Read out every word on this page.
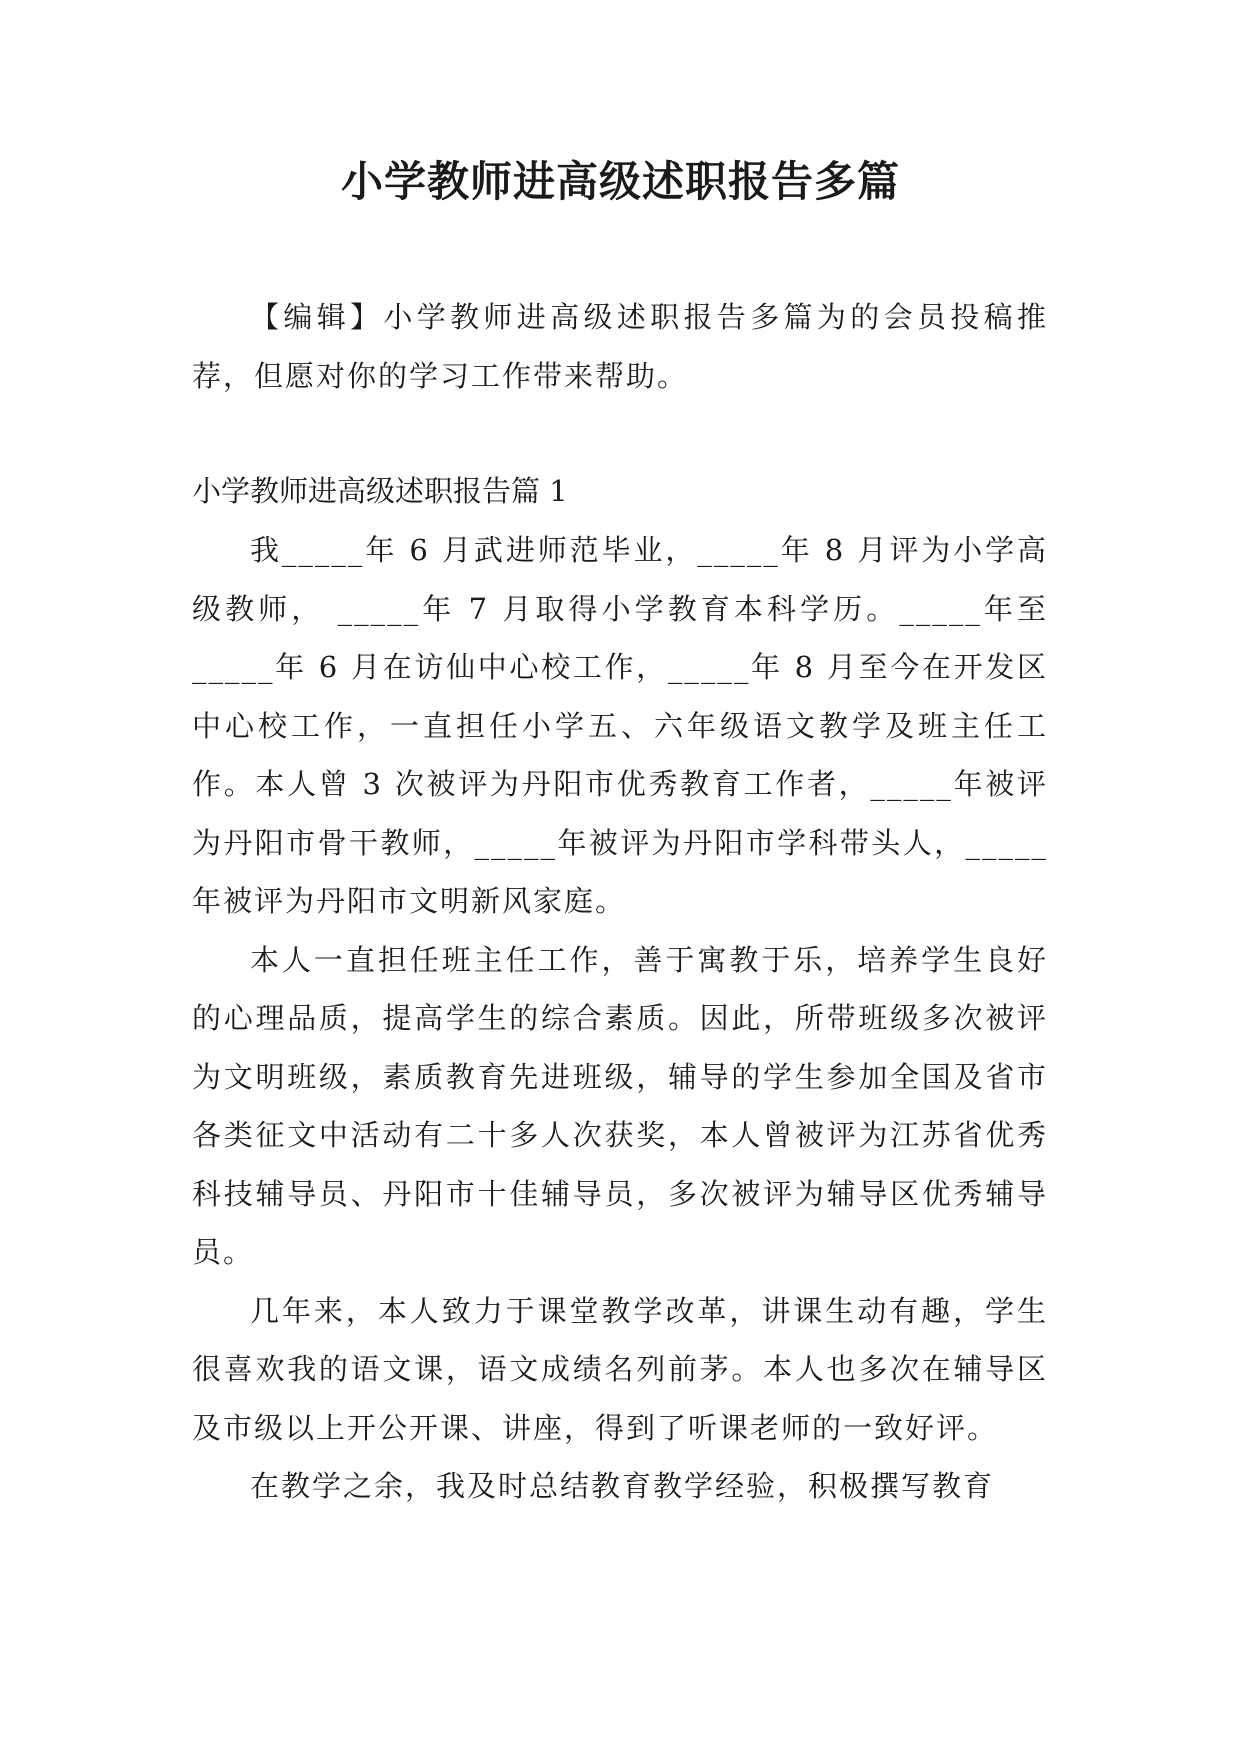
小学教师进高级述职报告多篇

【编辑】小学教师进高级述职报告多篇为的会员投稿推荐，但愿对你的学习工作带来帮助。

小学教师进高级述职报告篇 1

我_____年 6 月武进师范毕业，_____年 8 月评为小学高级教师， _____年 7 月取得小学教育本科学历。_____年至_____年 6 月在访仙中心校工作，_____年 8 月至今在开发区中心校工作，一直担任小学五、六年级语文教学及班主任工作。本人曾 3 次被评为丹阳市优秀教育工作者，_____年被评为丹阳市骨干教师，_____年被评为丹阳市学科带头人，_____年被评为丹阳市文明新风家庭。

本人一直担任班主任工作，善于寓教于乐，培养学生良好的心理品质，提高学生的综合素质。因此，所带班级多次被评为文明班级，素质教育先进班级，辅导的学生参加全国及省市各类征文中活动有二十多人次获奖，本人曾被评为江苏省优秀科技辅导员、丹阳市十佳辅导员，多次被评为辅导区优秀辅导员。

几年来，本人致力于课堂教学改革，讲课生动有趣，学生很喜欢我的语文课，语文成绩名列前茅。本人也多次在辅导区及市级以上开公开课、讲座，得到了听课老师的一致好评。

在教学之余，我及时总结教育教学经验，积极撰写教育
